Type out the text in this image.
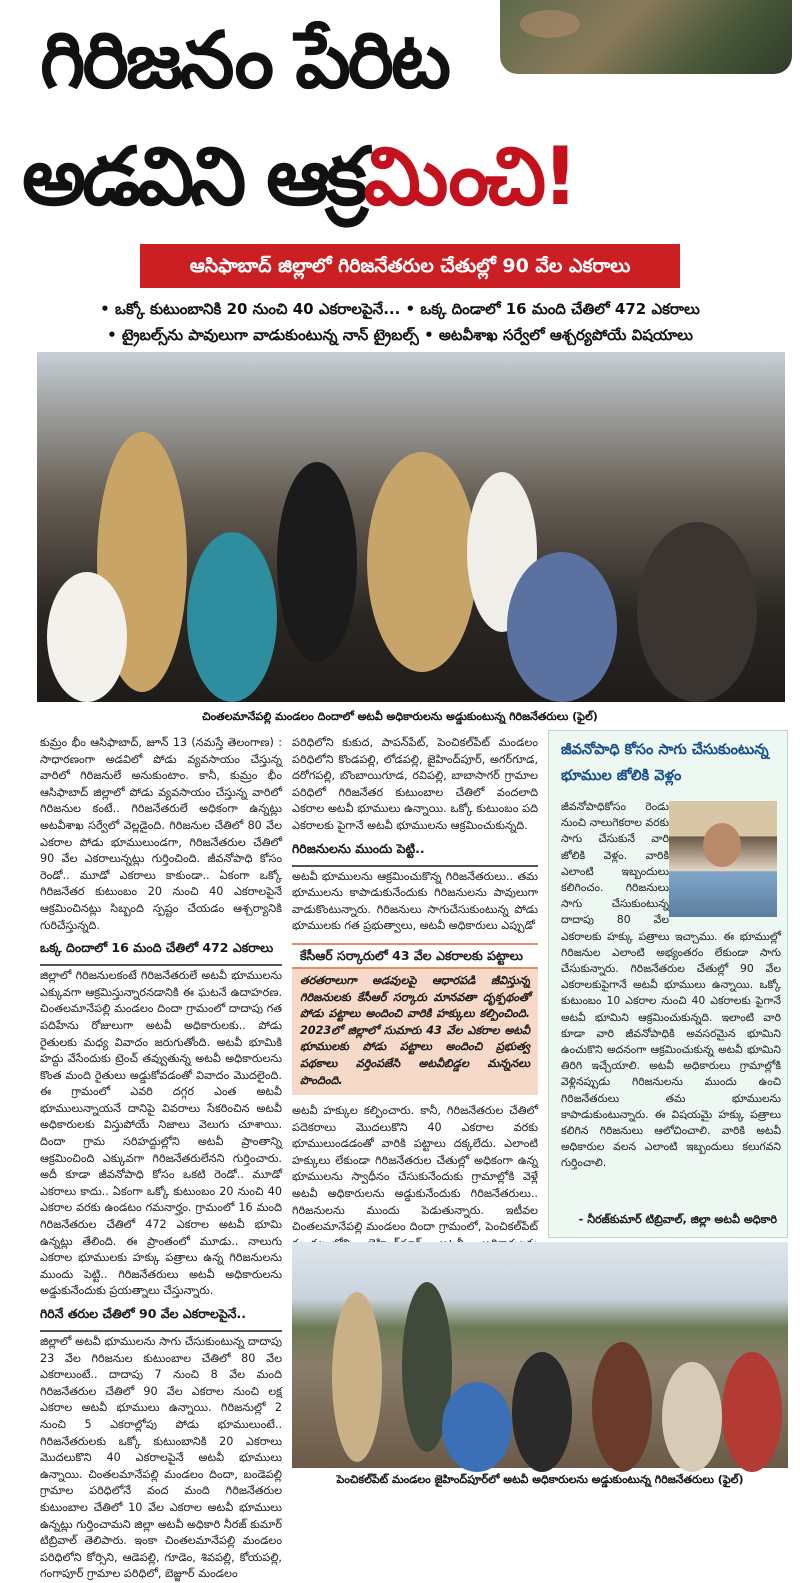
గిరిజనం పేరిట
అడవిని ఆక్రమించి!
ఆసిఫాబాద్‌ జిల్లాలో గిరిజనేతరుల చేతుల్లో 90 వేల ఎకరాలు
• ఒక్కో కుటుంబానికి 20 నుంచి 40 ఎకరాలపైనే... • ఒక్క దిండాలో 16 మంది చేతిలో 472 ఎకరాలు
• ట్రైబల్స్‌ను పావులుగా వాడుకుంటున్న నాన్‌ ట్రైబల్స్‌ • అటవీశాఖ సర్వేలో ఆశ్చర్యపోయే విషయాలు
చింతలమానేపల్లి మండలం దిందాలో అటవీ అధికారులను అడ్డుకుంటున్న గిరిజనేతరులు (ఫైల్‌)
కుమ్రం భీం ఆసిఫాబాద్‌, జూన్‌ 13 (నమస్తే తెలంగాణ) : సాధారణంగా అడవిలో పోడు వ్యవసాయం చేస్తున్న వారిలో గిరిజనులే అనుకుంటాం. కానీ, కుమ్రం భీం ఆసిఫాబాద్‌ జిల్లాలో పోడు వ్యవసాయం చేస్తున్న వారిలో గిరిజనుల కంటే.. గిరిజనేతరులే అధికంగా ఉన్నట్లు అటవీశాఖ సర్వేలో వెల్లడైంది. గిరిజనుల చేతిలో 80 వేల ఎకరాల పోడు భూములుండగా, గిరిజనేతరుల చేతిలో 90 వేల ఎకరాలున్నట్లు గుర్తించింది. జీవనోపాధి కోసం రెండో.. మూడో ఎకరాలు కాకుండా.. ఏకంగా ఒక్కో గిరిజనేతర కుటుంబం 20 నుంచి 40 ఎకరాలపైనే ఆక్రమించినట్లు సిబ్బంది స్పష్టం చేయడం ఆశ్చర్యానికి గురిచేస్తున్నది.
ఒక్క దిందాలో 16 మంది చేతిలో 472 ఎకరాలు
జిల్లాలో గిరిజనులకంటే గిరిజనేతరులే అటవీ భూములను ఎక్కువగా ఆక్రమిస్తున్నారనడానికి ఈ ఘటనే ఉదాహరణ. చింతలమానేపల్లి మండలం దిందా గ్రామంలో దాదాపు గత పదిహేను రోజులుగా అటవీ అధికారులకు.. పోడు రైతులకు మధ్య వివాదం జరుగుతోంది. అటవీ భూమికి హద్దు వేసేందుకు ట్రెంచ్‌ తవ్వుతున్న అటవీ అధికారులను కొంత మంది రైతులు అడ్డుకోవడంతో వివాదం మొదలైంది. ఈ గ్రామంలో ఎవరి దగ్గర ఎంత అటవీ భూములున్నాయనే దానిపై వివరాలు సేకరించిన అటవీ అధికారులకు విస్తుపోయే నిజాలు వెలుగు చూశాయి. దిందా గ్రామ సరిహద్దుల్లోని అటవీ ప్రాంతాన్ని ఆక్రమించింది ఎక్కువగా గిరిజనేతరులేనని గుర్తించారు. అదీ కూడా జీవనోపాధి కోసం ఒకటి రెండో.. మూడో ఎకరాలు కాదు.. ఏకంగా ఒక్కో కుటుంబం 20 నుంచి 40 ఎకరాల వరకు ఉండటం గమనార్హం. గ్రామంలో 16 మంది గిరిజనేతరుల చేతిలో 472 ఎకరాల అటవీ భూమి ఉన్నట్లు తేలింది. ఈ ప్రాంతంలో మూడు.. నాలుగు ఎకరాల భూములకు హక్కు పత్రాలు ఉన్న గిరిజనులను ముందు పెట్టి.. గిరిజనేతరులు అటవీ అధికారులను అడ్డుకునేందుకు ప్రయత్నాలు చేస్తున్నారు.
గిరినే తరుల చేతిలో 90 వేల ఎకరాలపైనే..
జిల్లాలో అటవీ భూములను సాగు చేసుకుంటున్న దాదాపు 23 వేల గిరిజనుల కుటుంబాల చేతిలో 80 వేల ఎకరాలుంటే.. దాదాపు 7 నుంచి 8 వేల మంది గిరిజనేతరుల చేతిలో 90 వేల ఎకరాల నుంచి లక్ష ఎకరాల అటవీ భూములు ఉన్నాయి. గిరిజనుల్లో 2 నుంచి 5 ఎకరాల్లోపు పోడు భూములుంటే.. గిరిజనేతరులకు ఒక్కో కుటుంబానికి 20 ఎకరాలు మొదలుకొని 40 ఎకరాలపైనే అటవీ భూములు ఉన్నాయి. చింతలమానేపల్లి మండలం దిందా, బండెపల్లి గ్రామాల పరిధిలోనే వంద మంది గిరిజనేతరుల కుటుంబాల చేతిలో 10 వేల ఎకరాల అటవీ భూములు ఉన్నట్లు గుర్తించామని జిల్లా అటవీ అధికారి నీరజ్‌ కుమార్‌ టిబ్రివాల్‌ తెలిపారు. ఇంకా చింతలమానేపల్లి మండలం పరిధిలోని కోర్సిని, ఆడెపల్లి, గూడెం, శివపల్లి, కోయపల్లి, గంగాపూర్‌ గ్రామాల పరిధిలో, బెజ్జూర్‌ మండలం
పరిధిలోని కుకుద, పాపన్‌పేట్‌, పెంచికల్‌పేట్‌ మండలం పరిధిలోని కొండపల్లి, లోడపల్లి, జైహింద్‌పూర్‌, అగర్‌గూడ, దరోగపల్లి, బొంబాయిగూడ, రవిపల్లి, బాబాసాగర్‌ గ్రామాల పరిధిలో గిరిజనేతర కుటుంబాల చేతిలో వందలాది ఎకరాల అటవీ భూములు ఉన్నాయి. ఒక్కో కుటుంబం పది ఎకరాలకు పైగానే అటవీ భూములను ఆక్రమించుకున్నది.
గిరిజనులను ముందు పెట్టి..
అటవీ భూములను ఆక్రమించుకొన్న గిరిజనేతరులు.. తమ భూములను కాపాడుకునేందుకు గిరిజనులను పావులుగా వాడుకొంటున్నారు. గిరిజనులు సాగుచేసుకుంటున్న పోడు భూములకు గత ప్రభుత్వాలు, అటవీ అధికారులు ఎప్పుడో
కేసీఆర్‌ సర్కారులో 43 వేల ఎకరాలకు పట్టాలు
తరతరాలుగా అడవులపై ఆధారపడి జీవిస్తున్న గిరిజనులకు కేసీఆర్‌ సర్కారు మానవతా దృక్పథంతో పోడు పట్టాలు అందించి వారికి హక్కులు కల్పించింది. 2023లో జిల్లాలో సుమారు 43 వేల ఎకరాల అటవీ భూములకు పోడు పట్టాలు అందించి ప్రభుత్వ పథకాలు వర్తింపజేసి అటవీబిడ్డల మన్ననలు పొందింది.
అటవీ హక్కుల కల్పించారు. కానీ, గిరిజనేతరుల చేతిలో పదెకరాలు మొదలుకొని 40 ఎకరాల వరకు భూములుండడంతో వారికి పట్టాలు దక్కలేదు. ఎలాంటి హక్కులు లేకుండా గిరిజనేతరుల చేతుల్లో అధికంగా ఉన్న భూములను స్వాధీనం చేసుకునేందుకు గ్రామాల్లోకి వెళ్లే అటవీ అధికారులను అడ్డుకునేందుకు గిరిజనేతరులు.. గిరిజనులను ముందు పెడుతున్నారు. ఇటీవల చింతలమానేపల్లి మండలం దిందా గ్రామంలో, పెంచికల్‌పేట్‌
జీవనోపాధి కోసం సాగు చేసుకుంటున్న భూముల జోలికి వెళ్లం
జీవనోపాధికోసం రెండు నుంచి నాలుగెకరాల వరకు సాగు చేసుకునే వారి జోలికి వెళ్లం. వారికి ఎలాంటి ఇబ్బందులు కలిగించం. గిరిజనులు సాగు చేసుకుంటున్న దాదాపు 80 వేల ఎకరాలకు హక్కు పత్రాలు ఇచ్చాము. ఈ భూముల్లో గిరిజనుల ఎలాంటి అభ్యంతరం లేకుండా సాగు చేసుకున్నారు. గిరిజనేతరుల చేతుల్లో 90 వేల ఎకరాలకుపైగానే అటవీ భూములు ఉన్నాయి. ఒక్కో కుటుంబం 10 ఎకరాల నుంచి 40 ఎకరాలకు పైగానే అటవీ భూమిని ఆక్రమించుకున్నది. ఇలాంటి వారి కూడా వారి జీవనోపాధికి అవసరమైన భూమిని ఉంచుకొని అదనంగా ఆక్రమించుకున్న అటవీ భూమిని తిరిగి ఇచ్చేయాలి. అటవీ అధికారులు గ్రామాల్లోకి వెళ్లినప్పుడు గిరిజనులను ముందు ఉంచి గిరిజనేతరులు తమ భూములను కాపాడుకుంటున్నారు. ఈ విషయమై హక్కు పత్రాలు కలిగిన గిరిజనులు ఆలోచించాలి. వారికి అటవీ అధికారుల వలన ఎలాంటి ఇబ్బందులు కలుగవని గుర్తించాలి.
- నీరజ్‌కుమార్‌ టిబ్రివాల్‌, జిల్లా అటవీ అధికారి
పెంచికల్‌పేట్‌ మండలం జైహింద్‌పూర్‌లో అటవీ అధికారులను అడ్డుకుంటున్న గిరిజనేతరులు (ఫైల్‌)
